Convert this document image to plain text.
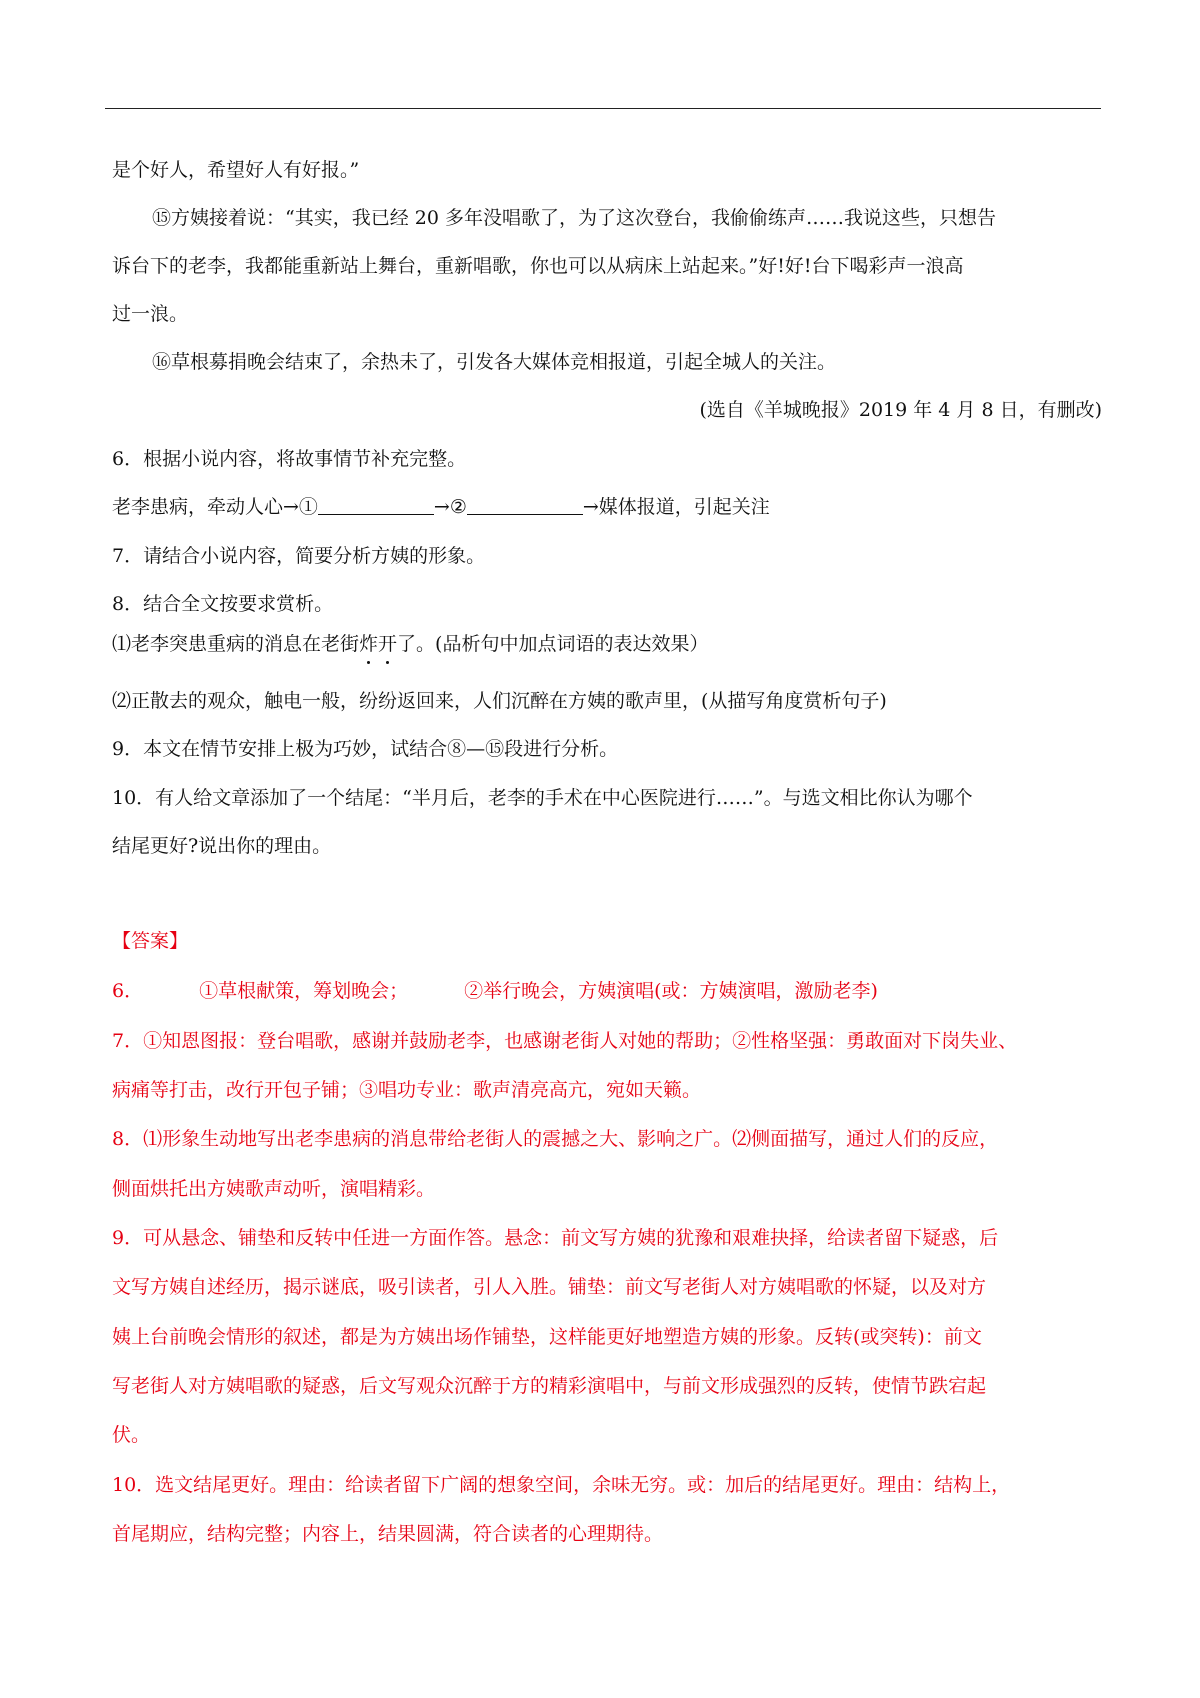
是个好人，希望好人有好报。”
⑮方姨接着说：“其实，我已经 20 多年没唱歌了，为了这次登台，我偷偷练声……我说这些，只想告
诉台下的老李，我都能重新站上舞台，重新唱歌，你也可以从病床上站起来。”好!好!台下喝彩声一浪高
过一浪。
⑯草根募捐晚会结束了，余热未了，引发各大媒体竞相报道，引起全城人的关注。
(选自《羊城晚报》2019 年 4 月 8 日，有删改)
6．根据小说内容，将故事情节补充完整。
老李患病，牵动人心→①	→②	→媒体报道，引起关注
7．请结合小说内容，简要分析方姨的形象。
8．结合全文按要求赏析。
⑴老李突患重病的消息在老街炸开了。(品析句中加点词语的表达效果）
⑵正散去的观众，触电一般，纷纷返回来，人们沉醉在方姨的歌声里，(从描写角度赏析句子)
9．本文在情节安排上极为巧妙，试结合⑧—⑮段进行分析。
10．有人给文章添加了一个结尾：“半月后，老李的手术在中心医院进行……”。与选文相比你认为哪个
结尾更好?说出你的理由。
【答案】
6．	①草根献策，筹划晚会；	②举行晚会，方姨演唱(或：方姨演唱，激励老李)
7．①知恩图报：登台唱歌，感谢并鼓励老李，也感谢老街人对她的帮助；②性格坚强：勇敢面对下岗失业、
病痛等打击，改行开包子铺；③唱功专业：歌声清亮高亢，宛如天籁。
8．⑴形象生动地写出老李患病的消息带给老街人的震撼之大、影响之广。⑵侧面描写，通过人们的反应，
侧面烘托出方姨歌声动听，演唱精彩。
9．可从悬念、铺垫和反转中任进一方面作答。悬念：前文写方姨的犹豫和艰难抉择，给读者留下疑惑，后
文写方姨自述经历，揭示谜底，吸引读者，引人入胜。铺垫：前文写老街人对方姨唱歌的怀疑，以及对方
姨上台前晚会情形的叙述，都是为方姨出场作铺垫，这样能更好地塑造方姨的形象。反转(或突转)：前文
写老街人对方姨唱歌的疑惑，后文写观众沉醉于方的精彩演唱中，与前文形成强烈的反转，使情节跌宕起
伏。
10．选文结尾更好。理由：给读者留下广阔的想象空间，余味无穷。或：加后的结尾更好。理由：结构上，
首尾期应，结构完整；内容上，结果圆满，符合读者的心理期待。
